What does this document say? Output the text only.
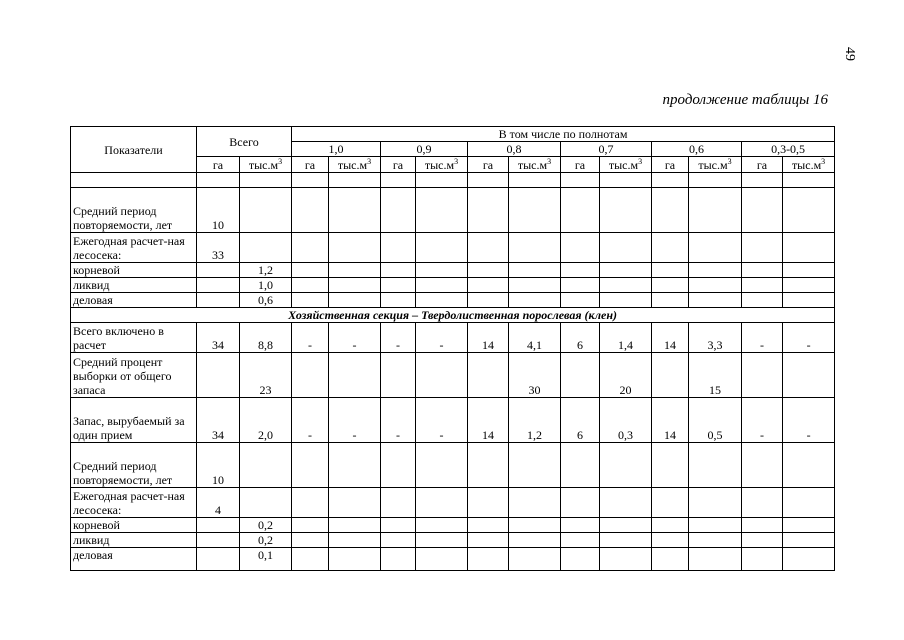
49
продолжение таблицы 16
Показатели	Всего		В том числе по полнотам											
			1,0		0,9		0,8		0,7		0,6		0,3-0,5	
	га	$тыс.м^3$	га	$тыс.м^3$	га	$тыс.м^3$	га	$тыс.м^3$	га	$тыс.м^3$	га	$тыс.м^3$	га	$тыс.м^3$

Средний период повторяемости, лет	10													
Ежегодная расчет-ная лесосека:	33													
корневой		1,2												
ликвид		1,0												
деловая		0,6												
Хозяйственная секция – Твердолиственная порослевая (клен)														
Всего включено в расчет	34	8,8	-	-	-	-	14	4,1	6	1,4	14	3,3	-	-
Средний процент выборки от общего запаса		23						30		20		15		
Запас, вырубаемый за один прием	34	2,0	-	-	-	-	14	1,2	6	0,3	14	0,5	-	-
Средний период повторяемости, лет	10													
Ежегодная расчет-ная лесосека:	4													
корневой		0,2												
ликвид		0,2												
деловая		0,1												
